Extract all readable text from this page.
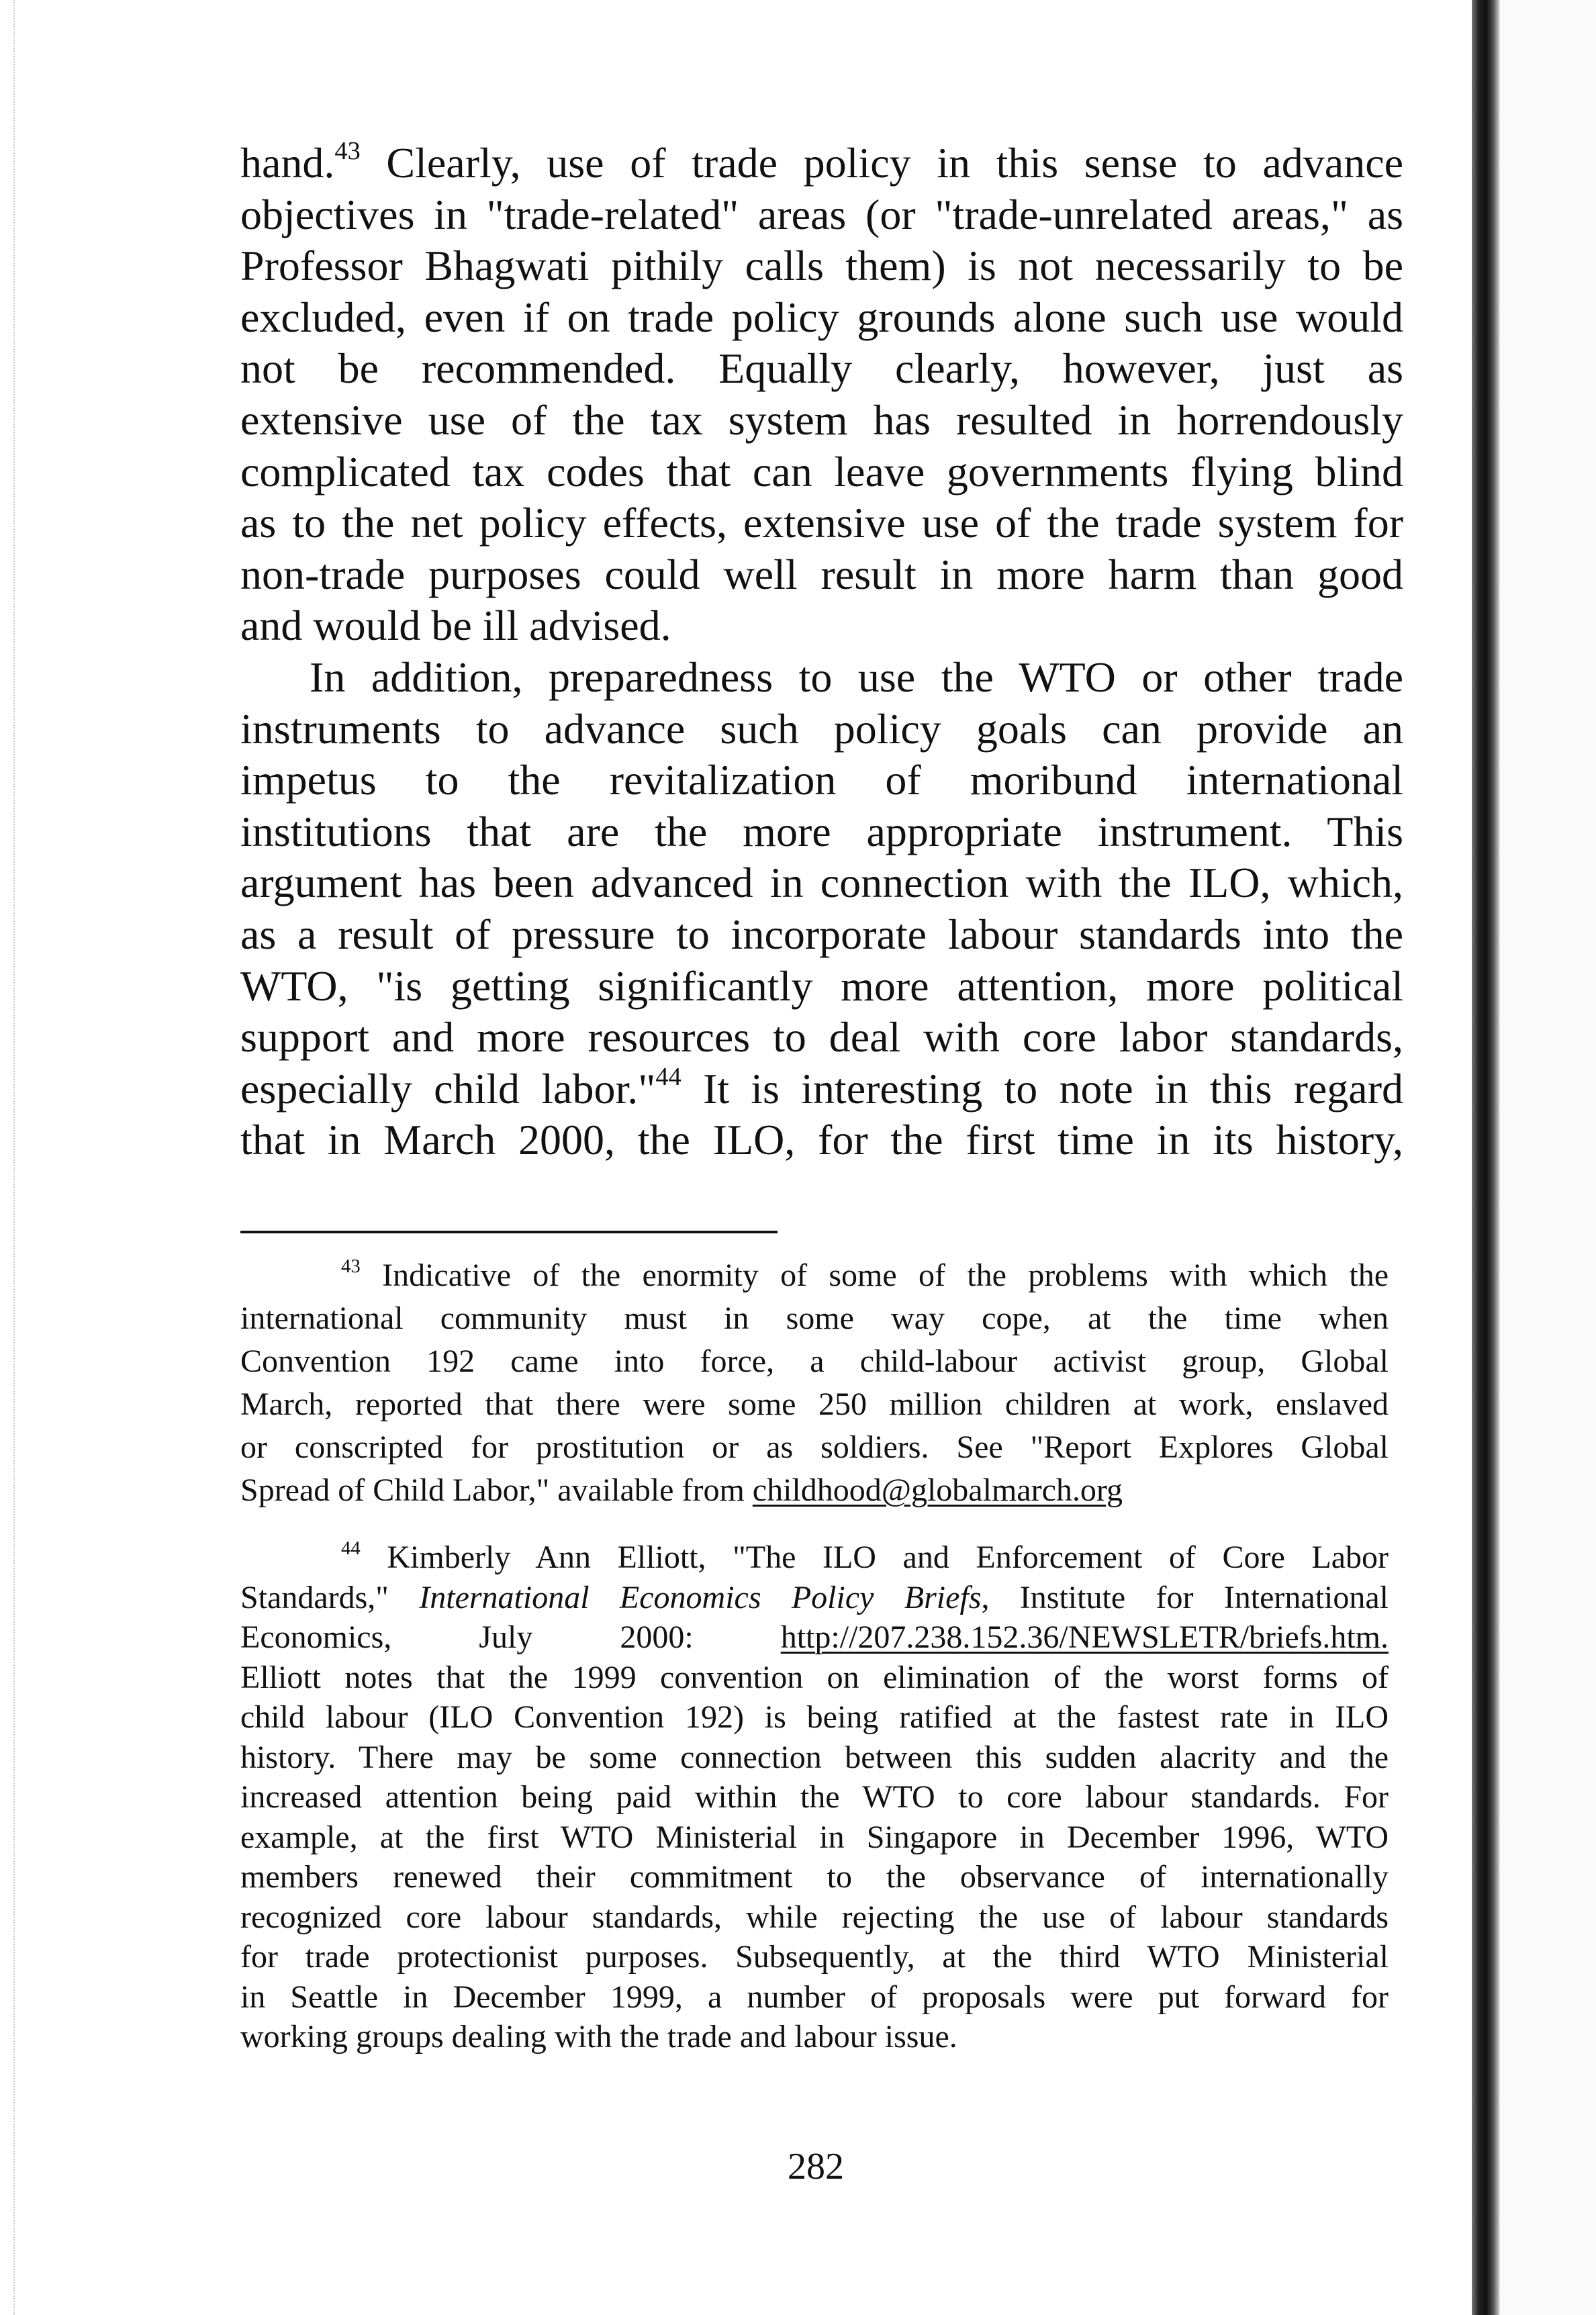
hand.$^{43}$ Clearly, use of trade policy in this sense to advance
objectives in "trade-related" areas (or "trade-unrelated areas," as
Professor Bhagwati pithily calls them) is not necessarily to be
excluded, even if on trade policy grounds alone such use would
not be recommended. Equally clearly, however, just as
extensive use of the tax system has resulted in horrendously
complicated tax codes that can leave governments flying blind
as to the net policy effects, extensive use of the trade system for
non-trade purposes could well result in more harm than good
and would be ill advised.
In addition, preparedness to use the WTO or other trade
instruments to advance such policy goals can provide an
impetus to the revitalization of moribund international
institutions that are the more appropriate instrument. This
argument has been advanced in connection with the ILO, which,
as a result of pressure to incorporate labour standards into the
WTO, "is getting significantly more attention, more political
support and more resources to deal with core labor standards,
especially child labor."$^{44}$ It is interesting to note in this regard
that in March 2000, the ILO, for the first time in its history,
$^{43}$ Indicative of the enormity of some of the problems with which the
international community must in some way cope, at the time when
Convention 192 came into force, a child-labour activist group, Global
March, reported that there were some 250 million children at work, enslaved
or conscripted for prostitution or as soldiers. See "Report Explores Global
Spread of Child Labor," available from childhood@globalmarch.org
$^{44}$ Kimberly Ann Elliott, "The ILO and Enforcement of Core Labor
Standards," International Economics Policy Briefs, Institute for International
Economics, July 2000: http://207.238.152.36/NEWSLETR/briefs.htm.
Elliott notes that the 1999 convention on elimination of the worst forms of
child labour (ILO Convention 192) is being ratified at the fastest rate in ILO
history. There may be some connection between this sudden alacrity and the
increased attention being paid within the WTO to core labour standards. For
example, at the first WTO Ministerial in Singapore in December 1996, WTO
members renewed their commitment to the observance of internationally
recognized core labour standards, while rejecting the use of labour standards
for trade protectionist purposes. Subsequently, at the third WTO Ministerial
in Seattle in December 1999, a number of proposals were put forward for
working groups dealing with the trade and labour issue.
282
